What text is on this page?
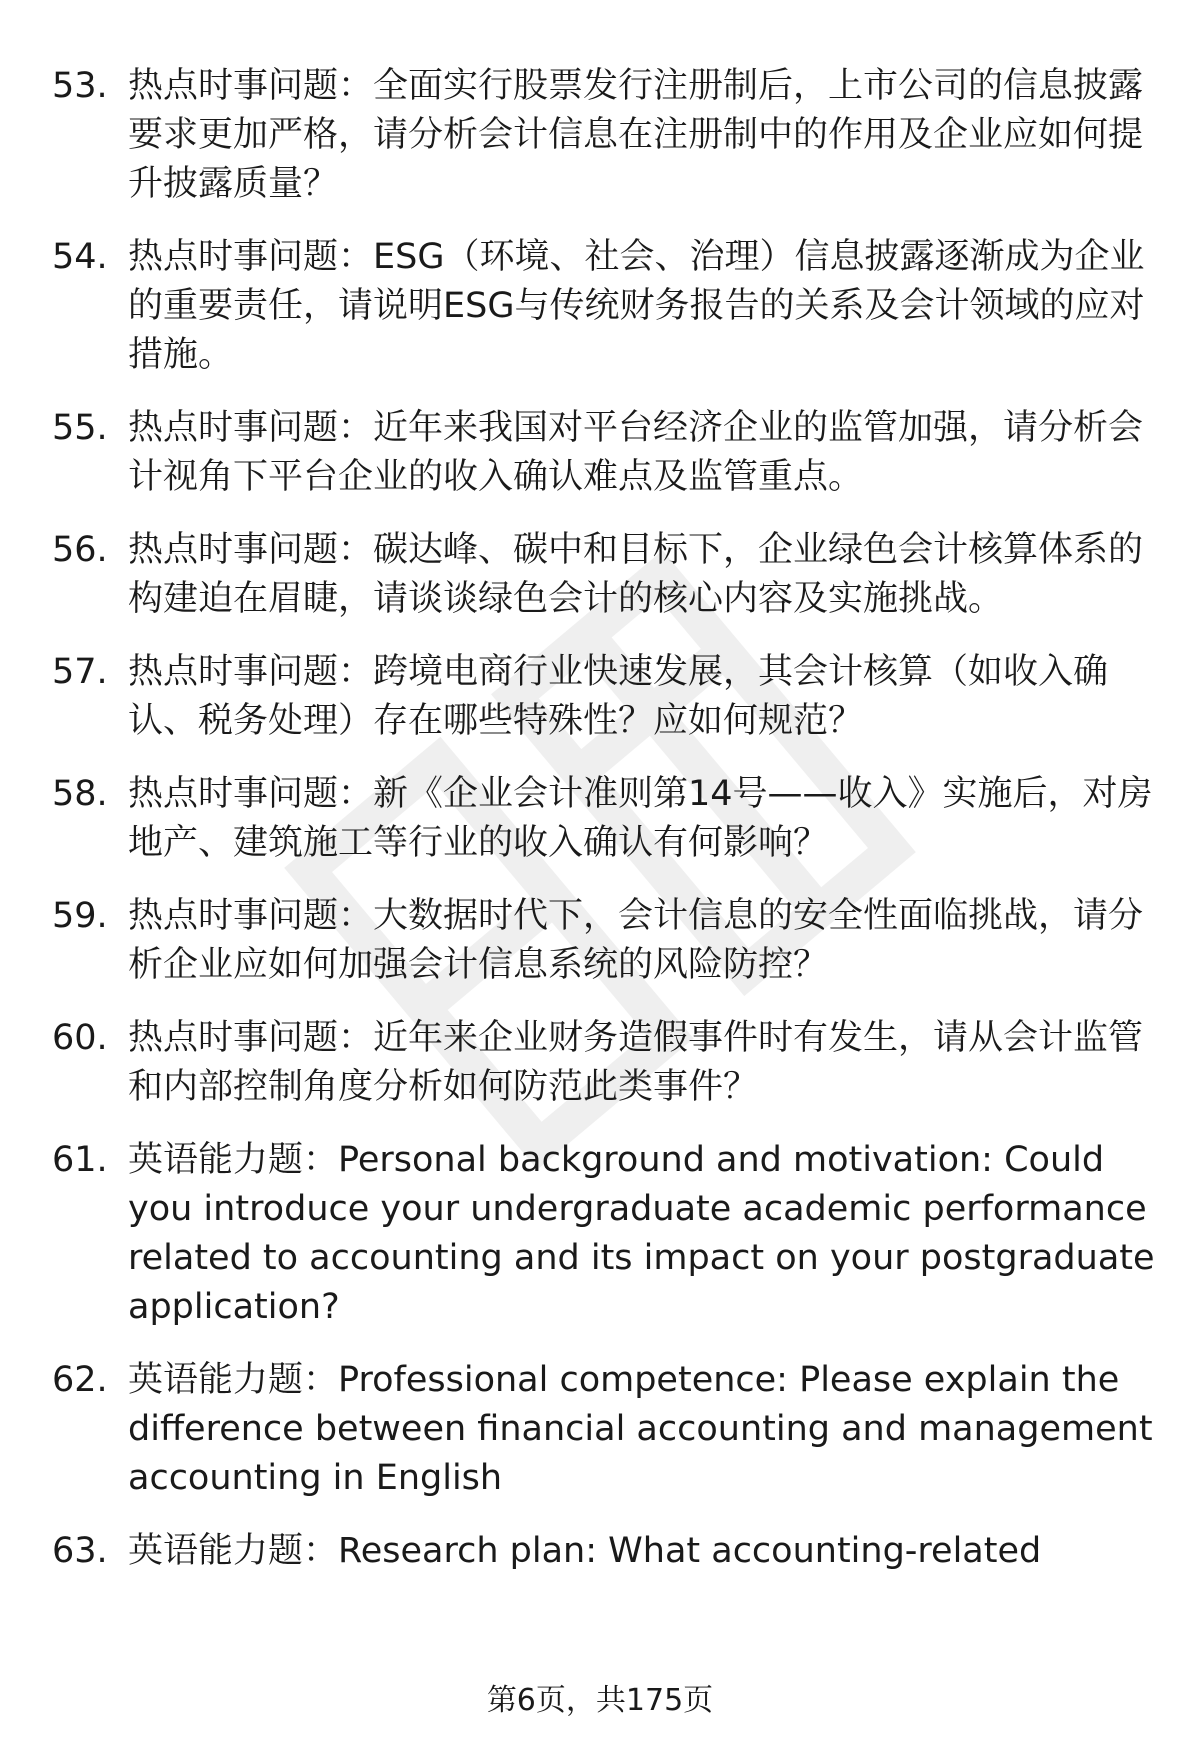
53. 热点时事问题：全面实行股票发行注册制后，上市公司的信息披露要求更加严格，请分析会计信息在注册制中的作用及企业应如何提升披露质量？
54. 热点时事问题：ESG（环境、社会、治理）信息披露逐渐成为企业的重要责任，请说明ESG与传统财务报告的关系及会计领域的应对措施。
55. 热点时事问题：近年来我国对平台经济企业的监管加强，请分析会计视角下平台企业的收入确认难点及监管重点。
56. 热点时事问题：碳达峰、碳中和目标下，企业绿色会计核算体系的构建迫在眉睫，请谈谈绿色会计的核心内容及实施挑战。
57. 热点时事问题：跨境电商行业快速发展，其会计核算（如收入确认、税务处理）存在哪些特殊性？应如何规范？
58. 热点时事问题：新《企业会计准则第14号——收入》实施后，对房地产、建筑施工等行业的收入确认有何影响？
59. 热点时事问题：大数据时代下，会计信息的安全性面临挑战，请分析企业应如何加强会计信息系统的风险防控？
60. 热点时事问题：近年来企业财务造假事件时有发生，请从会计监管和内部控制角度分析如何防范此类事件？
61. 英语能力题：Personal background and motivation: Could you introduce your undergraduate academic performance related to accounting and its impact on your postgraduate application?
62. 英语能力题：Professional competence: Please explain the difference between financial accounting and management accounting in English
63. 英语能力题：Research plan: What accounting-related
第6页，共175页
